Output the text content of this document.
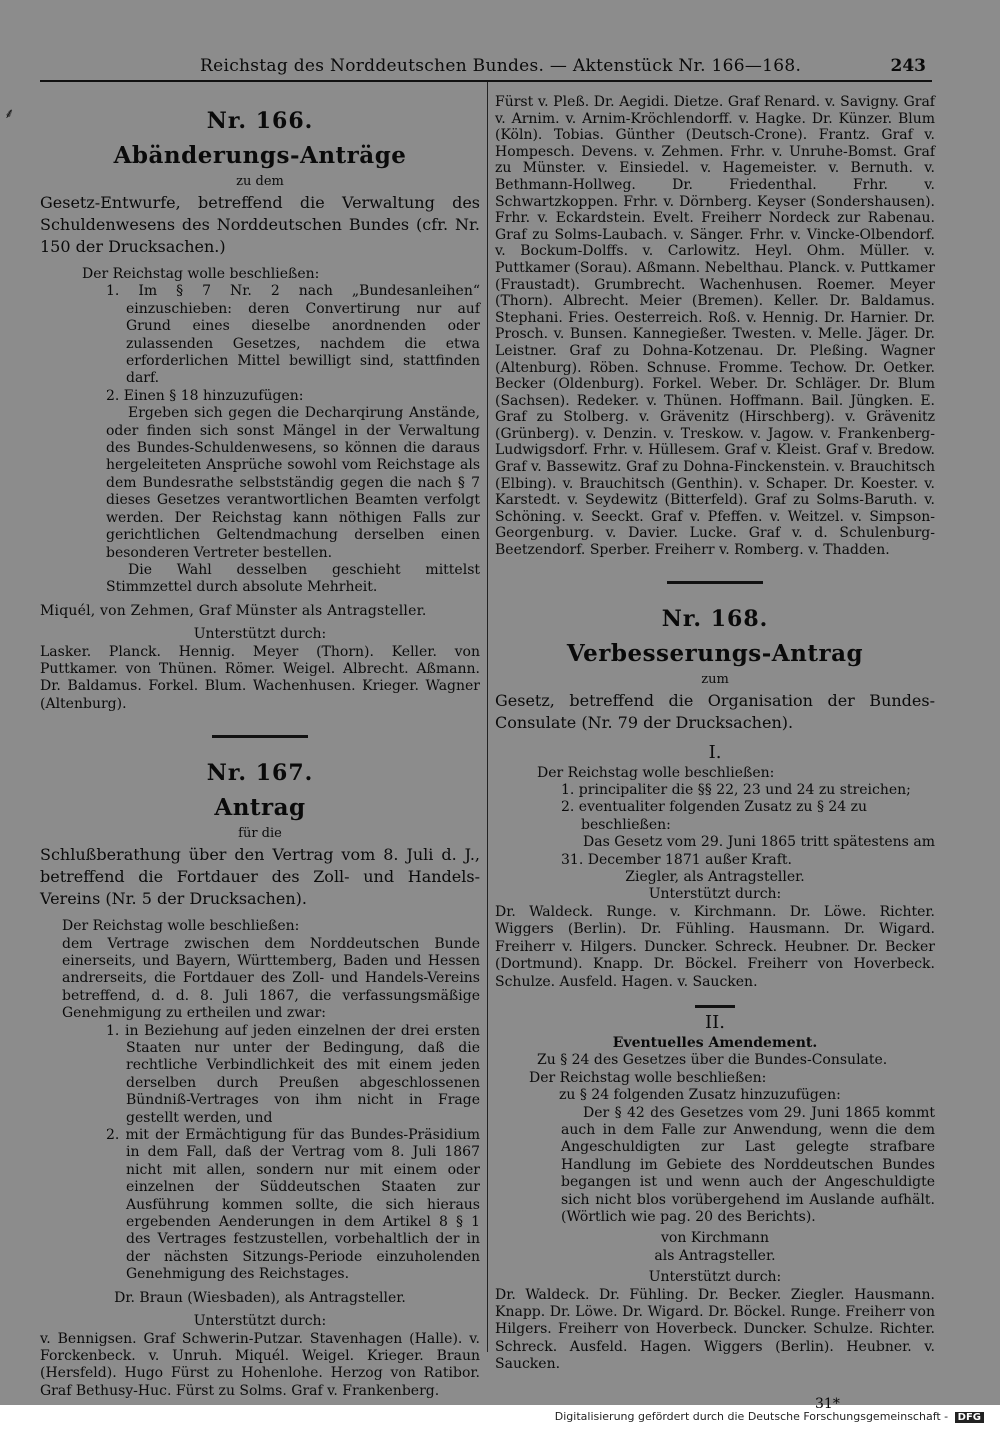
Reichstag des Norddeutschen Bundes. — Aktenstück Nr. 166—168.	243
⸙	Nr. 166.
Abänderungs-Anträge
zu dem
Gesetz-Entwurfe, betreffend die Verwaltung des Schuldenwesens des Norddeutschen Bundes (cfr. Nr. 150 der Drucksachen.)

Der Reichstag wolle beschließen:

1. Im § 7 Nr. 2 nach „Bundesanleihen“ einzuschieben: deren Convertirung nur auf Grund eines dieselbe anordnenden oder zulassenden Gesetzes, nachdem die etwa erforderlichen Mittel bewilligt sind, stattfinden darf.

2. Einen § 18 hinzuzufügen:

Ergeben sich gegen die Decharqirung Anstände, oder finden sich sonst Mängel in der Verwaltung des Bundes-Schuldenwesens, so können die daraus hergeleiteten Ansprüche sowohl vom Reichstage als dem Bundesrathe selbstständig gegen die nach § 7 dieses Gesetzes verantwortlichen Beamten verfolgt werden. Der Reichstag kann nöthigen Falls zur gerichtlichen Geltendmachung derselben einen besonderen Vertreter bestellen.

Die Wahl desselben geschieht mittelst Stimmzettel durch absolute Mehrheit.

Miquél, von Zehmen, Graf Münster als Antragsteller.

Unterstützt durch:

Lasker. Planck. Hennig. Meyer (Thorn). Keller. von Puttkamer. von Thünen. Römer. Weigel. Albrecht. Aßmann. Dr. Baldamus. Forkel. Blum. Wachenhusen. Krieger. Wagner (Altenburg).

Nr. 167.
Antrag
für die
Schlußberathung über den Vertrag vom 8. Juli d. J., betreffend die Fortdauer des Zoll- und Handels-Vereins (Nr. 5 der Drucksachen).

Der Reichstag wolle beschließen:

dem Vertrage zwischen dem Norddeutschen Bunde einerseits, und Bayern, Württemberg, Baden und Hessen andrerseits, die Fortdauer des Zoll- und Handels-Vereins betreffend, d. d. 8. Juli 1867, die verfassungsmäßige Genehmigung zu ertheilen und zwar:

1. in Beziehung auf jeden einzelnen der drei ersten Staaten nur unter der Bedingung, daß die rechtliche Verbindlichkeit des mit einem jeden derselben durch Preußen abgeschlossenen Bündniß-Vertrages von ihm nicht in Frage gestellt werden, und

2. mit der Ermächtigung für das Bundes-Präsidium in dem Fall, daß der Vertrag vom 8. Juli 1867 nicht mit allen, sondern nur mit einem oder einzelnen der Süddeutschen Staaten zur Ausführung kommen sollte, die sich hieraus ergebenden Aenderungen in dem Artikel 8 § 1 des Vertrages festzustellen, vorbehaltlich der in der nächsten Sitzungs-Periode einzuholenden Genehmigung des Reichstages.

Dr. Braun (Wiesbaden), als Antragsteller.

Unterstützt durch:

v. Bennigsen. Graf Schwerin-Putzar. Stavenhagen (Halle). v. Forckenbeck. v. Unruh. Miquél. Weigel. Krieger. Braun (Hersfeld). Hugo Fürst zu Hohenlohe. Herzog von Ratibor. Graf Bethusy-Huc. Fürst zu Solms. Graf v. Frankenberg.

Fürst v. Pleß. Dr. Aegidi. Dietze. Graf Renard. v. Savigny. Graf v. Arnim. v. Arnim-Kröchlendorff. v. Hagke. Dr. Künzer. Blum (Köln). Tobias. Günther (Deutsch-Crone). Frantz. Graf v. Hompesch. Devens. v. Zehmen. Frhr. v. Unruhe-Bomst. Graf zu Münster. v. Einsiedel. v. Hagemeister. v. Bernuth. v. Bethmann-Hollweg. Dr. Friedenthal. Frhr. v. Schwartzkoppen. Frhr. v. Dörnberg. Keyser (Sondershausen). Frhr. v. Eckardstein. Evelt. Freiherr Nordeck zur Rabenau. Graf zu Solms-Laubach. v. Sänger. Frhr. v. Vincke-Olbendorf. v. Bockum-Dolffs. v. Carlowitz. Heyl. Ohm. Müller. v. Puttkamer (Sorau). Aßmann. Nebelthau. Planck. v. Puttkamer (Fraustadt). Grumbrecht. Wachenhusen. Roemer. Meyer (Thorn). Albrecht. Meier (Bremen). Keller. Dr. Baldamus. Stephani. Fries. Oesterreich. Roß. v. Hennig. Dr. Harnier. Dr. Prosch. v. Bunsen. Kannegießer. Twesten. v. Melle. Jäger. Dr. Leistner. Graf zu Dohna-Kotzenau. Dr. Pleßing. Wagner (Altenburg). Röben. Schnuse. Fromme. Techow. Dr. Oetker. Becker (Oldenburg). Forkel. Weber. Dr. Schläger. Dr. Blum (Sachsen). Redeker. v. Thünen. Hoffmann. Bail. Jüngken. E. Graf zu Stolberg. v. Grävenitz (Hirschberg). v. Grävenitz (Grünberg). v. Denzin. v. Treskow. v. Jagow. v. Frankenberg-Ludwigsdorf. Frhr. v. Hüllesem. Graf v. Kleist. Graf v. Bredow. Graf v. Bassewitz. Graf zu Dohna-Finckenstein. v. Brauchitsch (Elbing). v. Brauchitsch (Genthin). v. Schaper. Dr. Koester. v. Karstedt. v. Seydewitz (Bitterfeld). Graf zu Solms-Baruth. v. Schöning. v. Seeckt. Graf v. Pfeffen. v. Weitzel. v. Simpson-Georgenburg. v. Davier. Lucke. Graf v. d. Schulenburg-Beetzendorf. Sperber. Freiherr v. Romberg. v. Thadden.

Nr. 168.
Verbesserungs-Antrag
zum
Gesetz, betreffend die Organisation der Bundes-Consulate (Nr. 79 der Drucksachen).
I.

Der Reichstag wolle beschließen:

1. principaliter die §§ 22, 23 und 24 zu streichen;

2. eventualiter folgenden Zusatz zu § 24 zu beschließen:

Das Gesetz vom 29. Juni 1865 tritt spätestens am 31. December 1871 außer Kraft.

Ziegler, als Antragsteller.

Unterstützt durch:

Dr. Waldeck. Runge. v. Kirchmann. Dr. Löwe. Richter. Wiggers (Berlin). Dr. Fühling. Hausmann. Dr. Wigard. Freiherr v. Hilgers. Duncker. Schreck. Heubner. Dr. Becker (Dortmund). Knapp. Dr. Böckel. Freiherr von Hoverbeck. Schulze. Ausfeld. Hagen. v. Saucken.

II.

Eventuelles Amendement.

Zu § 24 des Gesetzes über die Bundes-Consulate.

Der Reichstag wolle beschließen:

zu § 24 folgenden Zusatz hinzuzufügen:

Der § 42 des Gesetzes vom 29. Juni 1865 kommt auch in dem Falle zur Anwendung, wenn die dem Angeschuldigten zur Last gelegte strafbare Handlung im Gebiete des Norddeutschen Bundes begangen ist und wenn auch der Angeschuldigte sich nicht blos vorübergehend im Auslande aufhält. (Wörtlich wie pag. 20 des Berichts).

von Kirchmann

als Antragsteller.

Unterstützt durch:

Dr. Waldeck. Dr. Fühling. Dr. Becker. Ziegler. Hausmann. Knapp. Dr. Löwe. Dr. Wigard. Dr. Böckel. Runge. Freiherr von Hilgers. Freiherr von Hoverbeck. Duncker. Schulze. Richter. Schreck. Ausfeld. Hagen. Wiggers (Berlin). Heubner. v. Saucken.

31*

Digitalisierung gefördert durch die Deutsche Forschungsgemeinschaft - DFG
